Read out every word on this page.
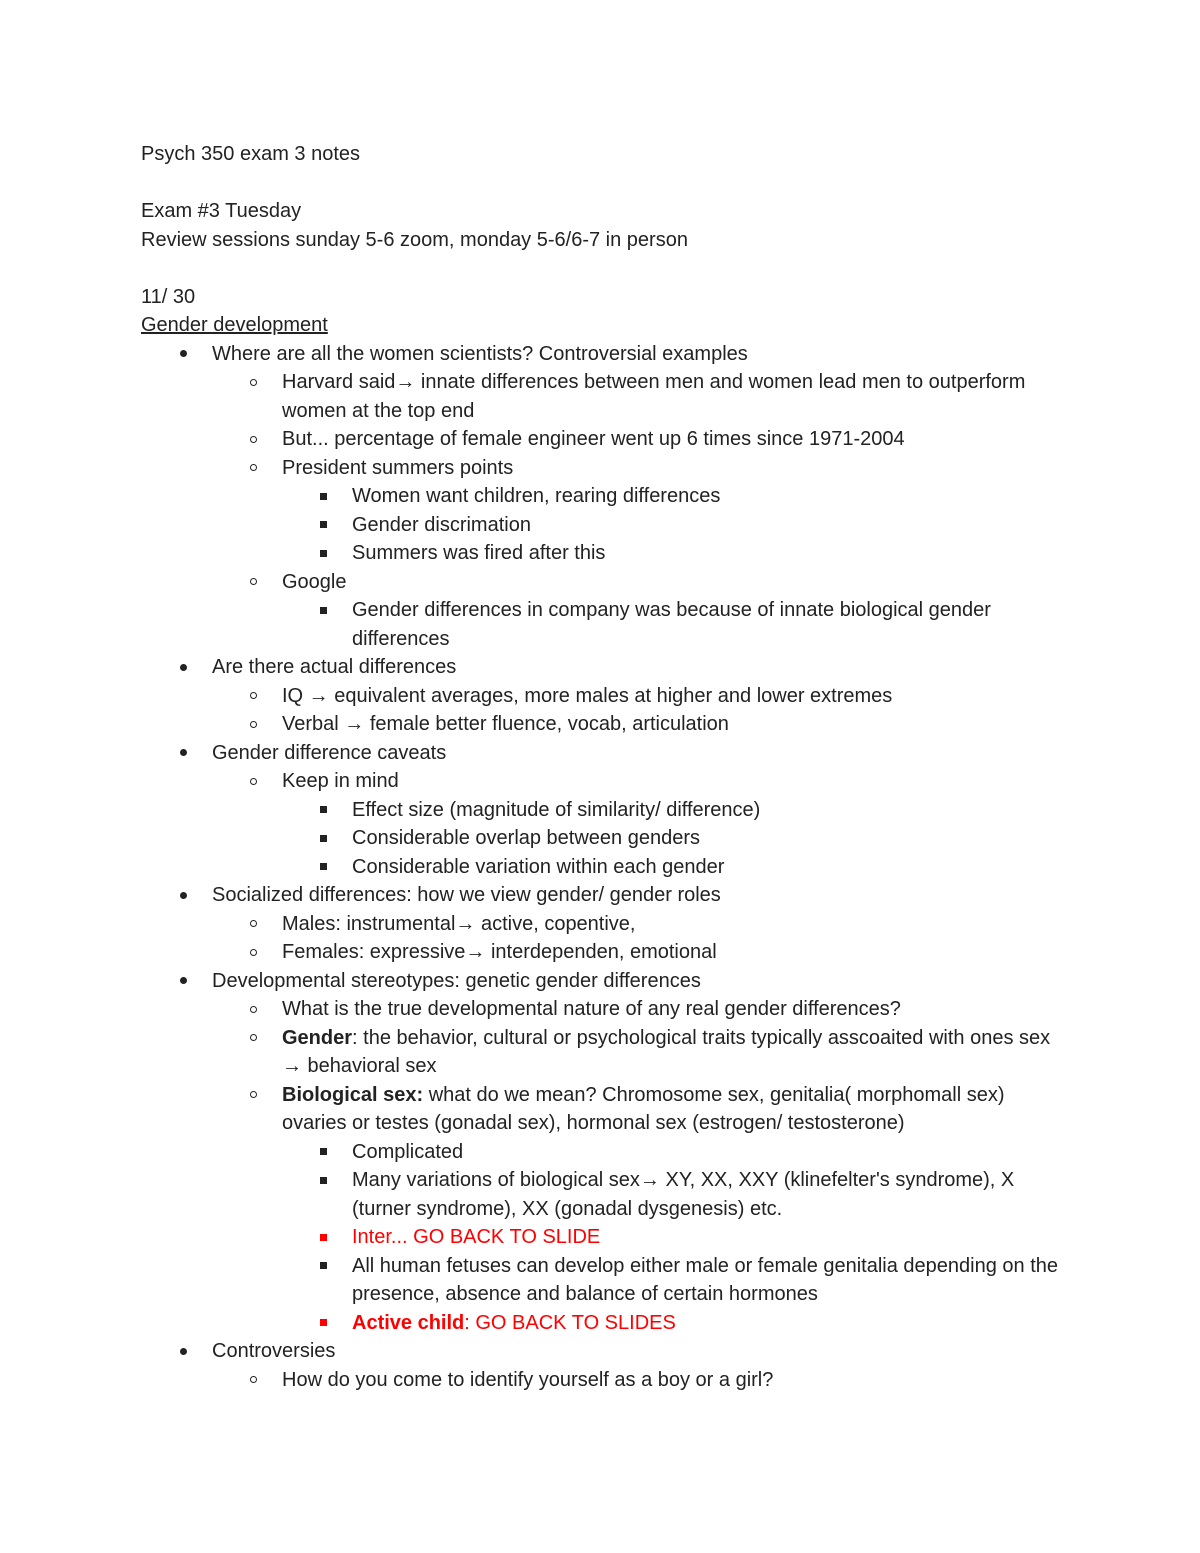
Psych 350 exam 3 notes
Exam #3 Tuesday
Review sessions sunday 5-6 zoom, monday 5-6/6-7 in person
11/ 30
Gender development
Where are all the women scientists? Controversial examples
Harvard said→ innate differences between men and women lead men to outperform women at the top end
But... percentage of female engineer went up 6 times since 1971-2004
President summers points
Women want children, rearing differences
Gender discrimation
Summers was fired after this
Google
Gender differences in company was because of innate biological gender differences
Are there actual differences
IQ → equivalent averages, more males at higher and lower extremes
Verbal → female better fluence, vocab, articulation
Gender difference caveats
Keep in mind
Effect size (magnitude of similarity/ difference)
Considerable overlap between genders
Considerable variation within each gender
Socialized differences: how we view gender/ gender roles
Males: instrumental→ active, copentive,
Females: expressive→ interdependen, emotional
Developmental stereotypes: genetic gender differences
What is the true developmental nature of any real gender differences?
Gender: the behavior, cultural or psychological traits typically asscoaited with ones sex → behavioral sex
Biological sex: what do we mean? Chromosome sex, genitalia( morphomall sex) ovaries or testes (gonadal sex), hormonal sex (estrogen/ testosterone)
Complicated
Many variations of biological sex→ XY, XX, XXY (klinefelter's syndrome), X (turner syndrome), XX (gonadal dysgenesis) etc.
Inter... GO BACK TO SLIDE
All human fetuses can develop either male or female genitalia depending on the presence, absence and balance of certain hormones
Active child: GO BACK TO SLIDES
Controversies
How do you come to identify yourself as a boy or a girl?
